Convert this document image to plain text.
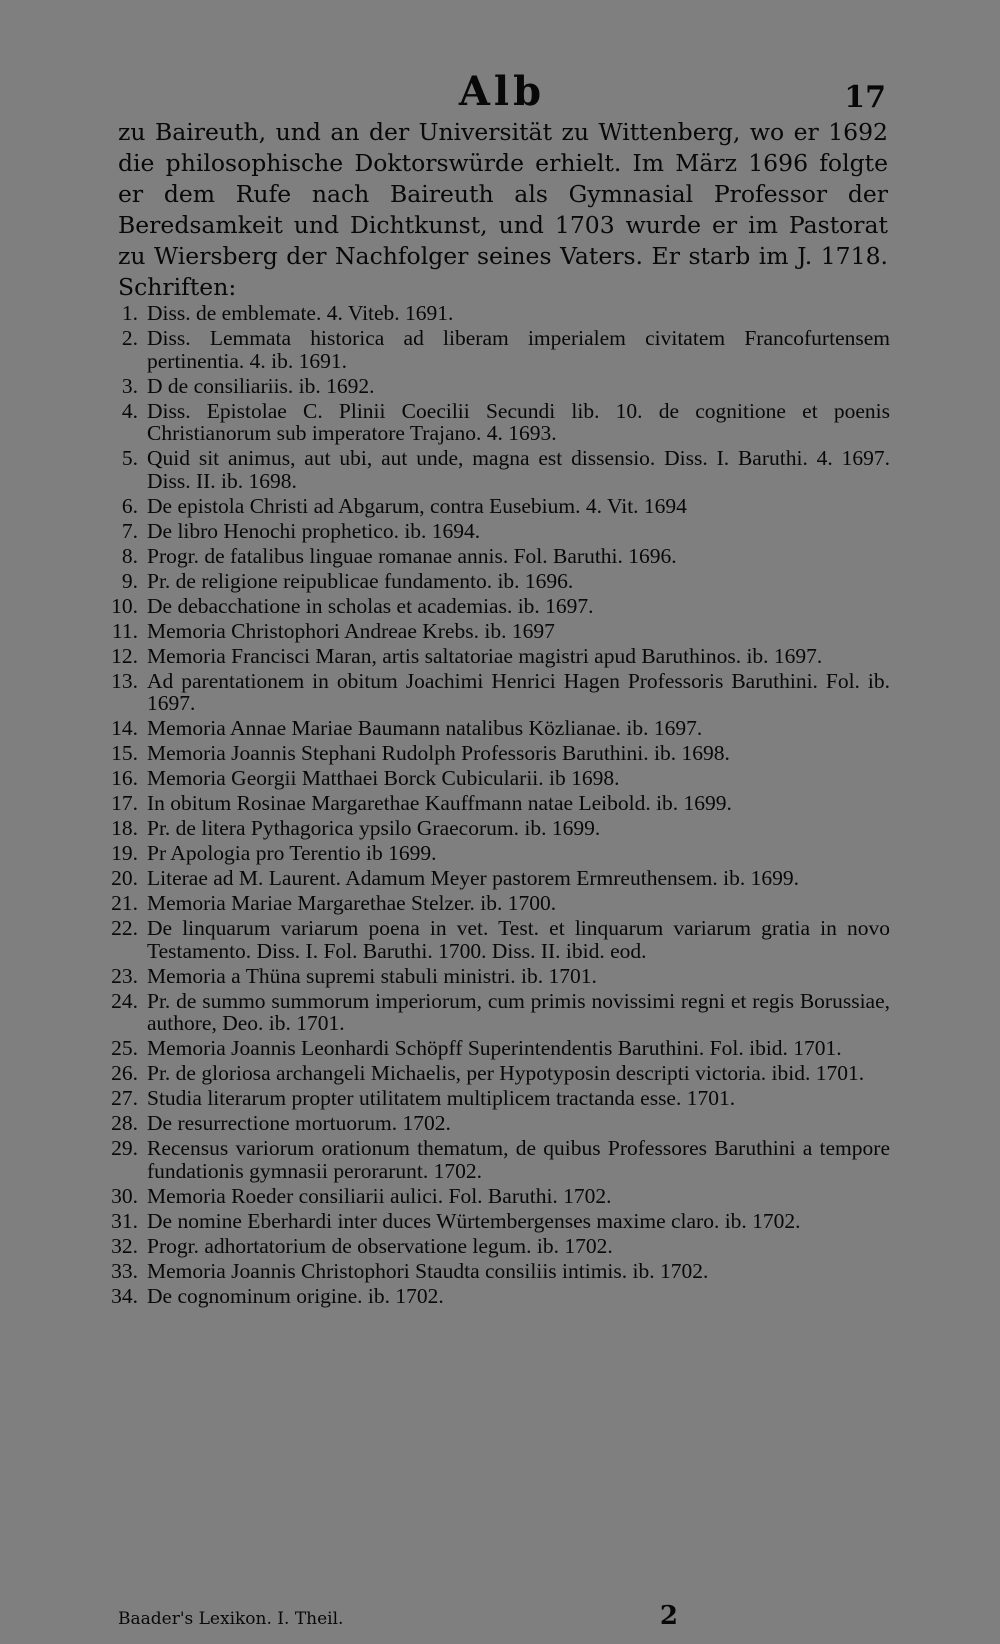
Alb	17

zu Baireuth, und an der Universität zu Wittenberg, wo er 1692 die philosophische Doktorswürde erhielt. Im März 1696 folgte er dem Rufe nach Baireuth als Gymnasial Professor der Beredsamkeit und Dichtkunst, und 1703 wurde er im Pastorat zu Wiersberg der Nachfolger seines Vaters. Er starb im J. 1718. Schriften:

1. Diss. de emblemate. 4. Viteb. 1691.
2. Diss. Lemmata historica ad liberam imperialem civitatem Francofurtensem pertinentia. 4. ib. 1691.
3. D de consiliariis. ib. 1692.
4. Diss. Epistolae C. Plinii Coecilii Secundi lib. 10. de cognitione et poenis Christianorum sub imperatore Trajano. 4. 1693.
5. Quid sit animus, aut ubi, aut unde, magna est dissensio. Diss. I. Baruthi. 4. 1697. Diss. II. ib. 1698.
6. De epistola Christi ad Abgarum, contra Eusebium. 4. Vit. 1694
7. De libro Henochi prophetico. ib. 1694.
8. Progr. de fatalibus linguae romanae annis. Fol. Baruthi. 1696.
9. Pr. de religione reipublicae fundamento. ib. 1696.
10. De debacchatione in scholas et academias. ib. 1697.
11. Memoria Christophori Andreae Krebs. ib. 1697
12. Memoria Francisci Maran, artis saltatoriae magistri apud Baruthinos. ib. 1697.
13. Ad parentationem in obitum Joachimi Henrici Hagen Professoris Baruthini. Fol. ib. 1697.
14. Memoria Annae Mariae Baumann natalibus Közlianae. ib. 1697.
15. Memoria Joannis Stephani Rudolph Professoris Baruthini. ib. 1698.
16. Memoria Georgii Matthaei Borck Cubicularii. ib 1698.
17. In obitum Rosinae Margarethae Kauffmann natae Leibold. ib. 1699.
18. Pr. de litera Pythagorica ypsilo Graecorum. ib. 1699.
19. Pr Apologia pro Terentio ib 1699.
20. Literae ad M. Laurent. Adamum Meyer pastorem Ermreuthensem. ib. 1699.
21. Memoria Mariae Margarethae Stelzer. ib. 1700.
22. De linquarum variarum poena in vet. Test. et linquarum variarum gratia in novo Testamento. Diss. I. Fol. Baruthi. 1700. Diss. II. ibid. eod.
23. Memoria a Thüna supremi stabuli ministri. ib. 1701.
24. Pr. de summo summorum imperiorum, cum primis novissimi regni et regis Borussiae, authore, Deo. ib. 1701.
25. Memoria Joannis Leonhardi Schöpff Superintendentis Baruthini. Fol. ibid. 1701.
26. Pr. de gloriosa archangeli Michaelis, per Hypotyposin descripti victoria. ibid. 1701.
27. Studia literarum propter utilitatem multiplicem tractanda esse. 1701.
28. De resurrectione mortuorum. 1702.
29. Recensus variorum orationum thematum, de quibus Professores Baruthini a tempore fundationis gymnasii perorarunt. 1702.
30. Memoria Roeder consiliarii aulici. Fol. Baruthi. 1702.
31. De nomine Eberhardi inter duces Würtembergenses maxime claro. ib. 1702.
32. Progr. adhortatorium de observatione legum. ib. 1702.
33. Memoria Joannis Christophori Staudta consiliis intimis. ib. 1702.
34. De cognominum origine. ib. 1702.
Baader's Lexikon. I. Theil.	2
